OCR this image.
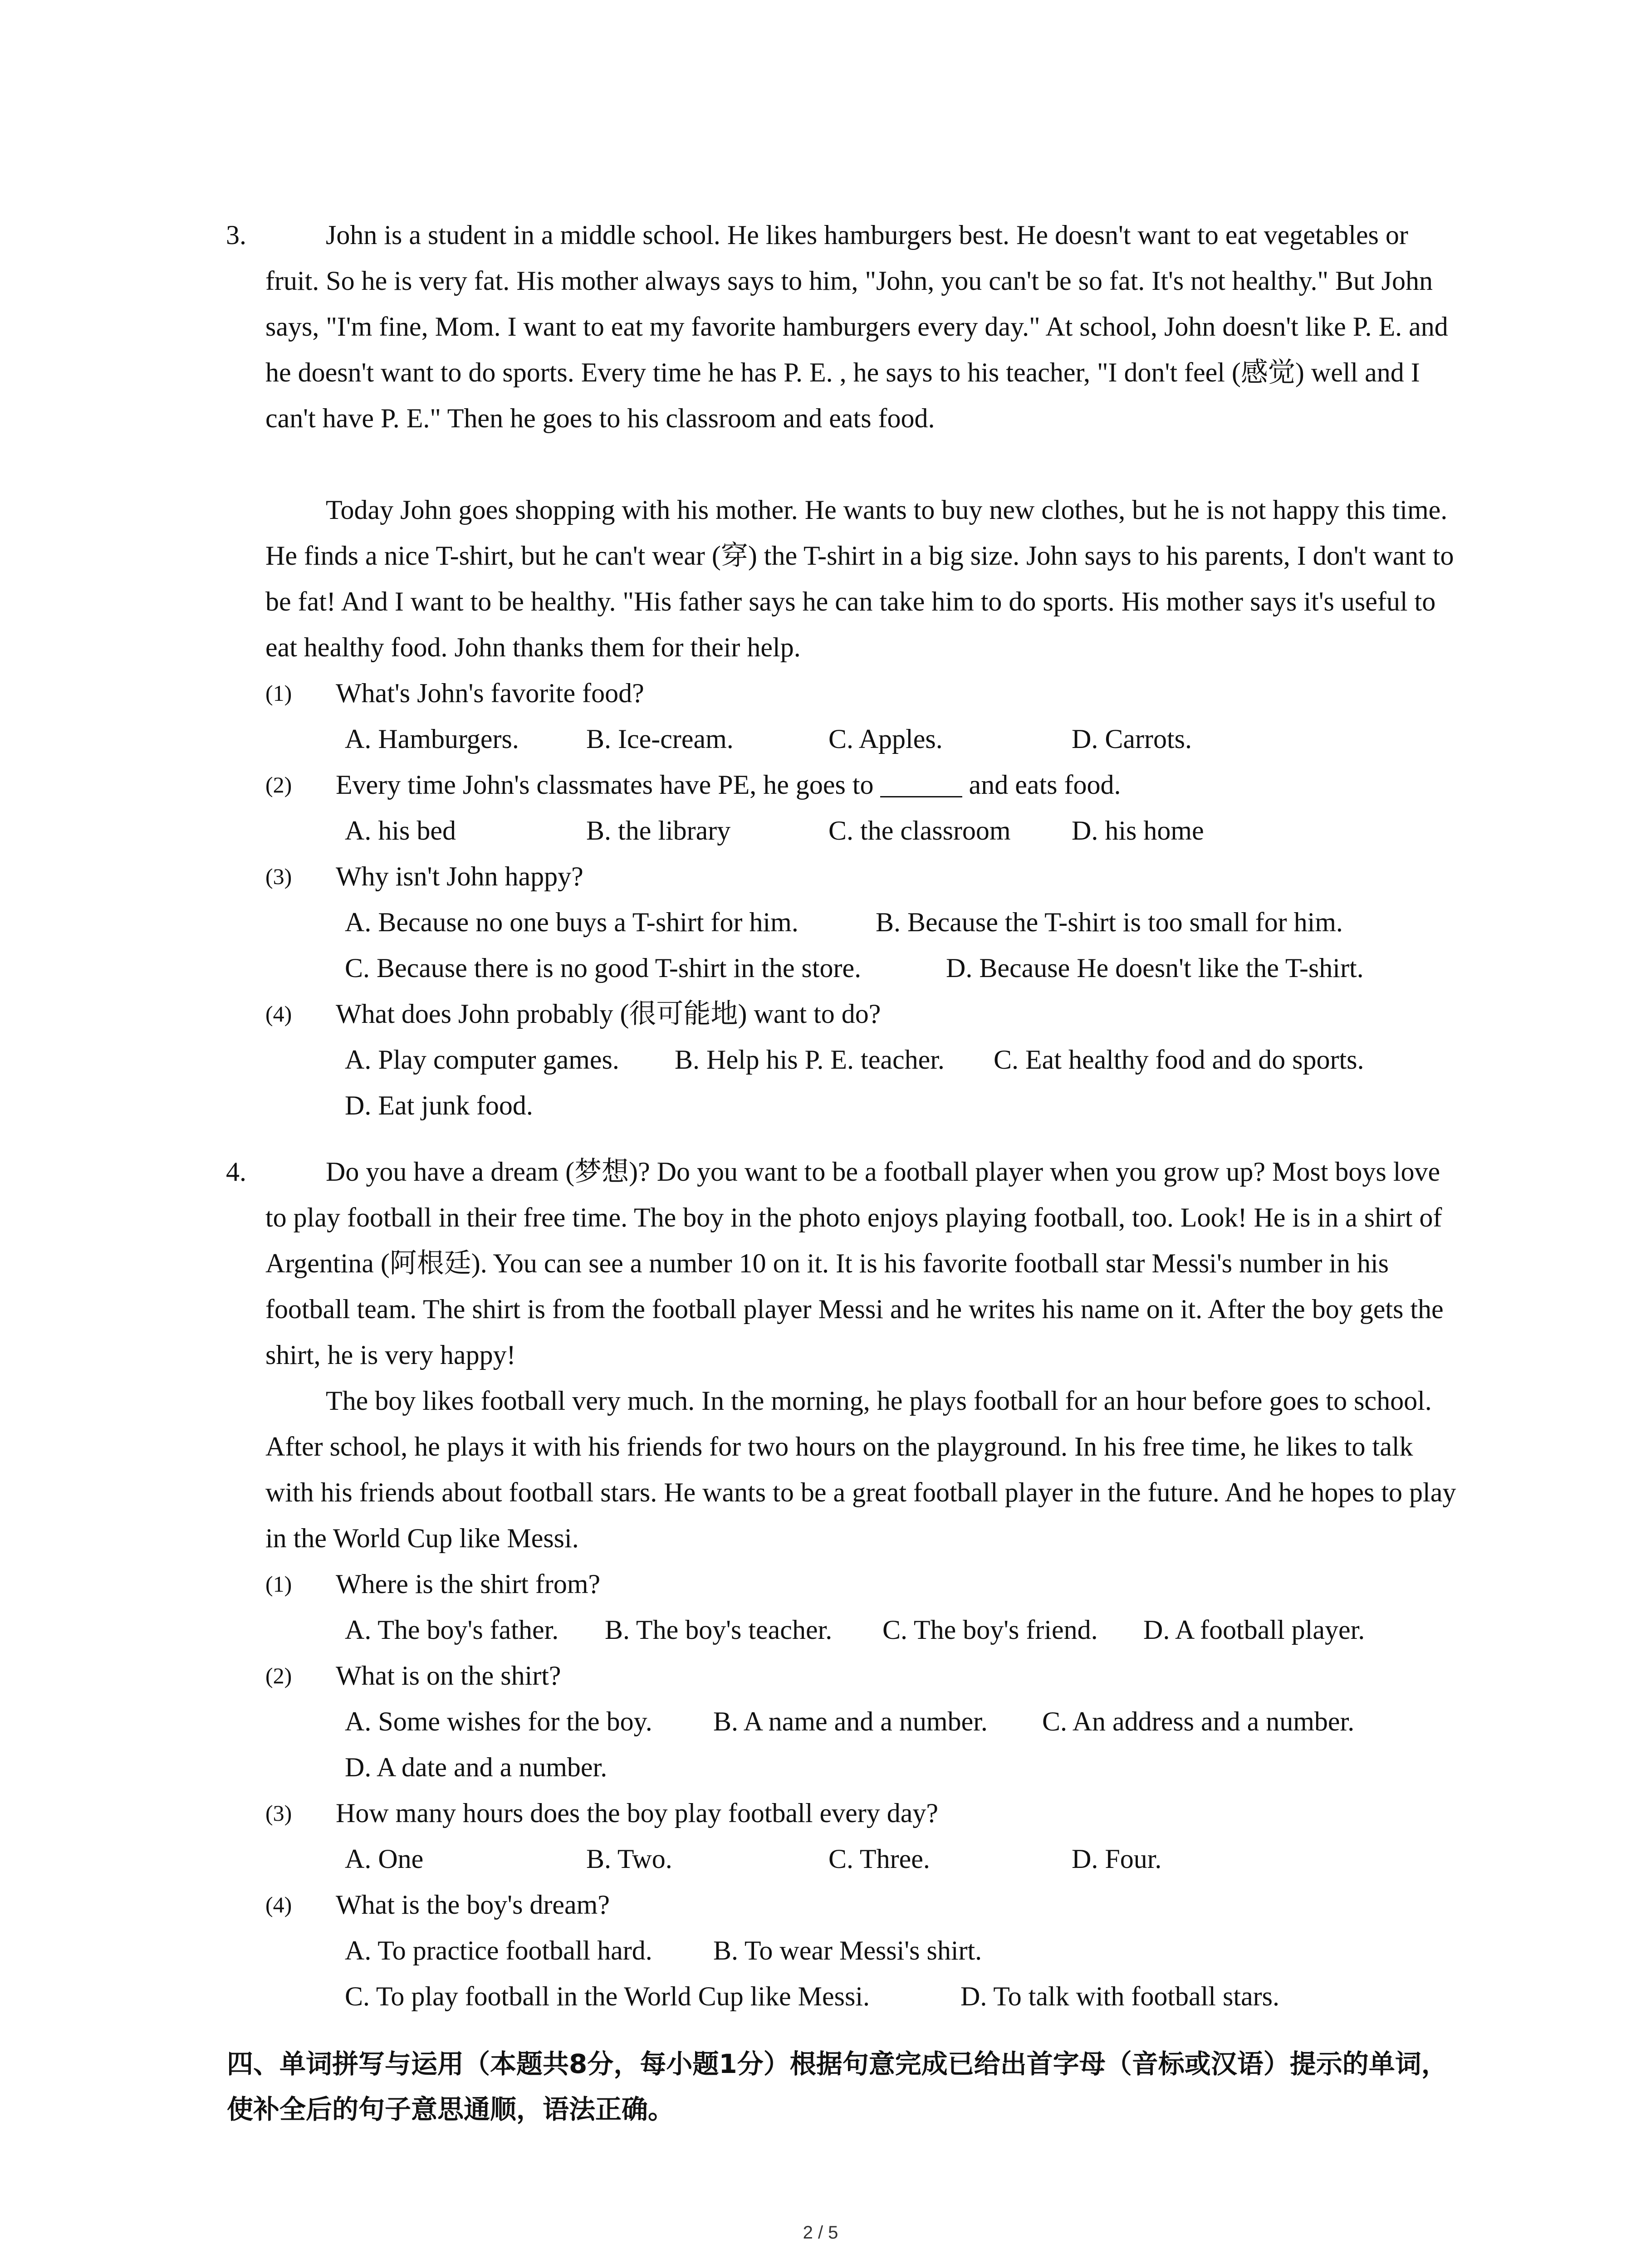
3.	John is a student in a middle school. He likes hamburgers best. He doesn't want to eat vegetables or fruit. So he is very fat. His mother always says to him, "John, you can't be so fat. It's not healthy." But John says, "I'm fine, Mom. I want to eat my favorite hamburgers every day." At school, John doesn't like P. E. and he doesn't want to do sports. Every time he has P. E. , he says to his teacher, "I don't feel (感觉) well and I can't have P. E." Then he goes to his classroom and eats food.

Today John goes shopping with his mother. He wants to buy new clothes, but he is not happy this time. He finds a nice T-shirt, but he can't wear (穿) the T-shirt in a big size. John says to his parents, I don't want to be fat! And I want to be healthy. "His father says he can take him to do sports. His mother says it's useful to eat healthy food. John thanks them for their help.

(1) What's John's favorite food?
A. Hamburgers. B. Ice-cream.	C. Apples.	D. Carrots.
(2) Every time John's classmates have PE, he goes to ______ and eats food.
A. his bed	B. the library	C. the classroom D. his home
(3) Why isn't John happy?
A. Because no one buys a T-shirt for him.	B. Because the T-shirt is too small for him.
C. Because there is no good T-shirt in the store.	D. Because He doesn't like the T-shirt.
(4) What does John probably (很可能地) want to do?
A. Play computer games. B. Help his P. E. teacher. C. Eat healthy food and do sports.
D. Eat junk food.
4.	Do you have a dream (梦想)? Do you want to be a football player when you grow up? Most boys love to play football in their free time. The boy in the photo enjoys playing football, too. Look! He is in a shirt of Argentina (阿根廷). You can see a number 10 on it. It is his favorite football star Messi's number in his football team. The shirt is from the football player Messi and he writes his name on it. After the boy gets the shirt, he is very happy!

The boy likes football very much. In the morning, he plays football for an hour before goes to school. After school, he plays it with his friends for two hours on the playground. In his free time, he likes to talk with his friends about football stars. He wants to be a great football player in the future. And he hopes to play in the World Cup like Messi.

(1) Where is the shirt from?
A. The boy's father. B. The boy's teacher. C. The boy's friend. D. A football player.
(2) What is on the shirt?
A. Some wishes for the boy. B. A name and a number. C. An address and a number.
D. A date and a number.
(3) How many hours does the boy play football every day?
A. One	B. Two.	C. Three.	D. Four.
(4) What is the boy's dream?
A. To practice football hard. B. To wear Messi's shirt.
C. To play football in the World Cup like Messi.	D. To talk with football stars.

四、单词拼写与运用（本题共8分，每小题1分）根据句意完成已给出首字母（音标或汉语）提示的单词，使补全后的句子意思通顺，语法正确。

2 / 5
